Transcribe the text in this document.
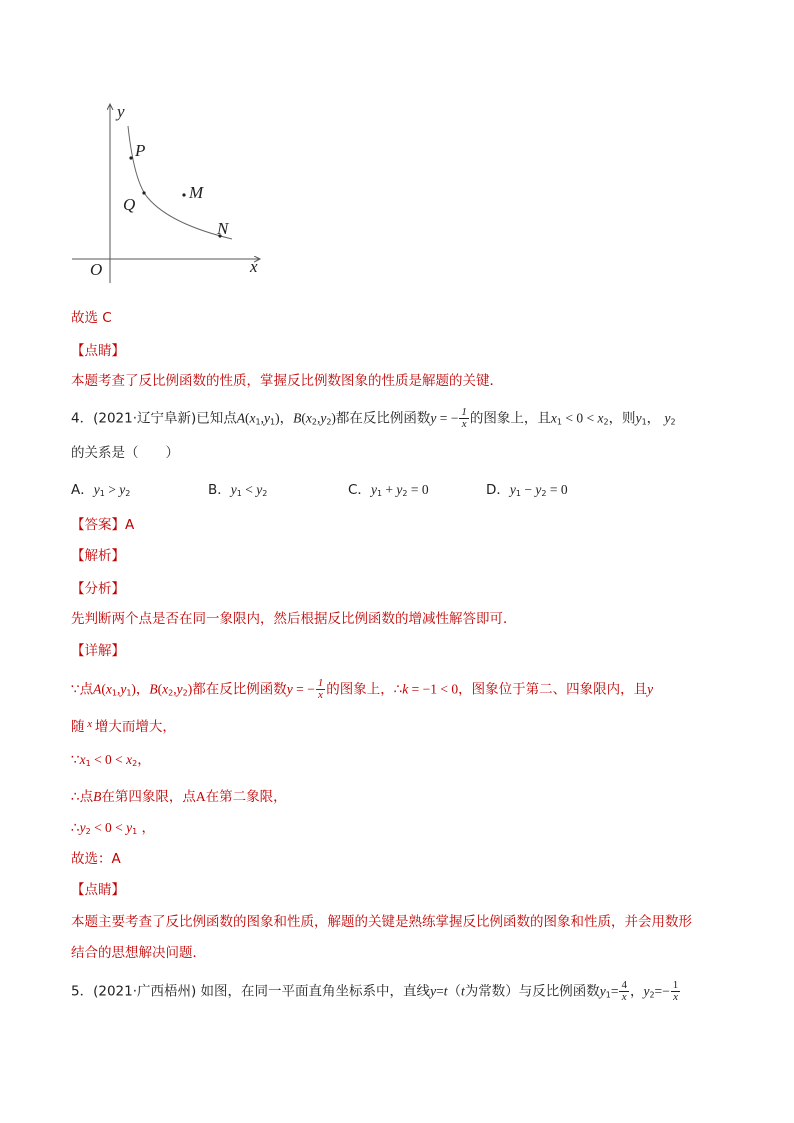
y
x
O
P
Q
M
N
故选 C
【点睛】
本题考查了反比例函数的性质，掌握反比例数图象的性质是解题的关键．
4．(2021·辽宁阜新)已知点$A(x_1,y_1)$，$B(x_2,y_2)$都在反比例函数y = − $\frac{1}{x}$ 的图象上，且$x_1 < 0 < x_2$，则$y_1$， $y_2$
的关系是（　　）
A．$y_1 > y_2$	B．$y_1 < y_2$	C．$y_1 + y_2 = 0$	D．$y_1 - y_2 = 0$
【答案】A
【解析】
【分析】
先判断两个点是否在同一象限内，然后根据反比例函数的增减性解答即可．
【详解】
∵点$A(x_1,y_1)$，$B(x_2,y_2)$都在反比例函数y = − $\frac{1}{x}$ 的图象上，∴k = −1 < 0，图象位于第二、四象限内，且y
随 $^x$ 增大而增大，
$\because x_1 < 0 < x_2$，
∴点B在第四象限，点A在第二象限，
$\therefore y_2 < 0 < y_1$ ，
故选：A
【点睛】
本题主要考查了反比例函数的图象和性质，解题的关键是熟练掌握反比例函数的图象和性质，并会用数形
结合的思想解决问题．
5．(2021·广西梧州) 如图，在同一平面直角坐标系中，直线y=t（t为常数）与反比例函数$y_1= \frac{4}{x}$ ，$y_2=- \frac{1}{x}$
